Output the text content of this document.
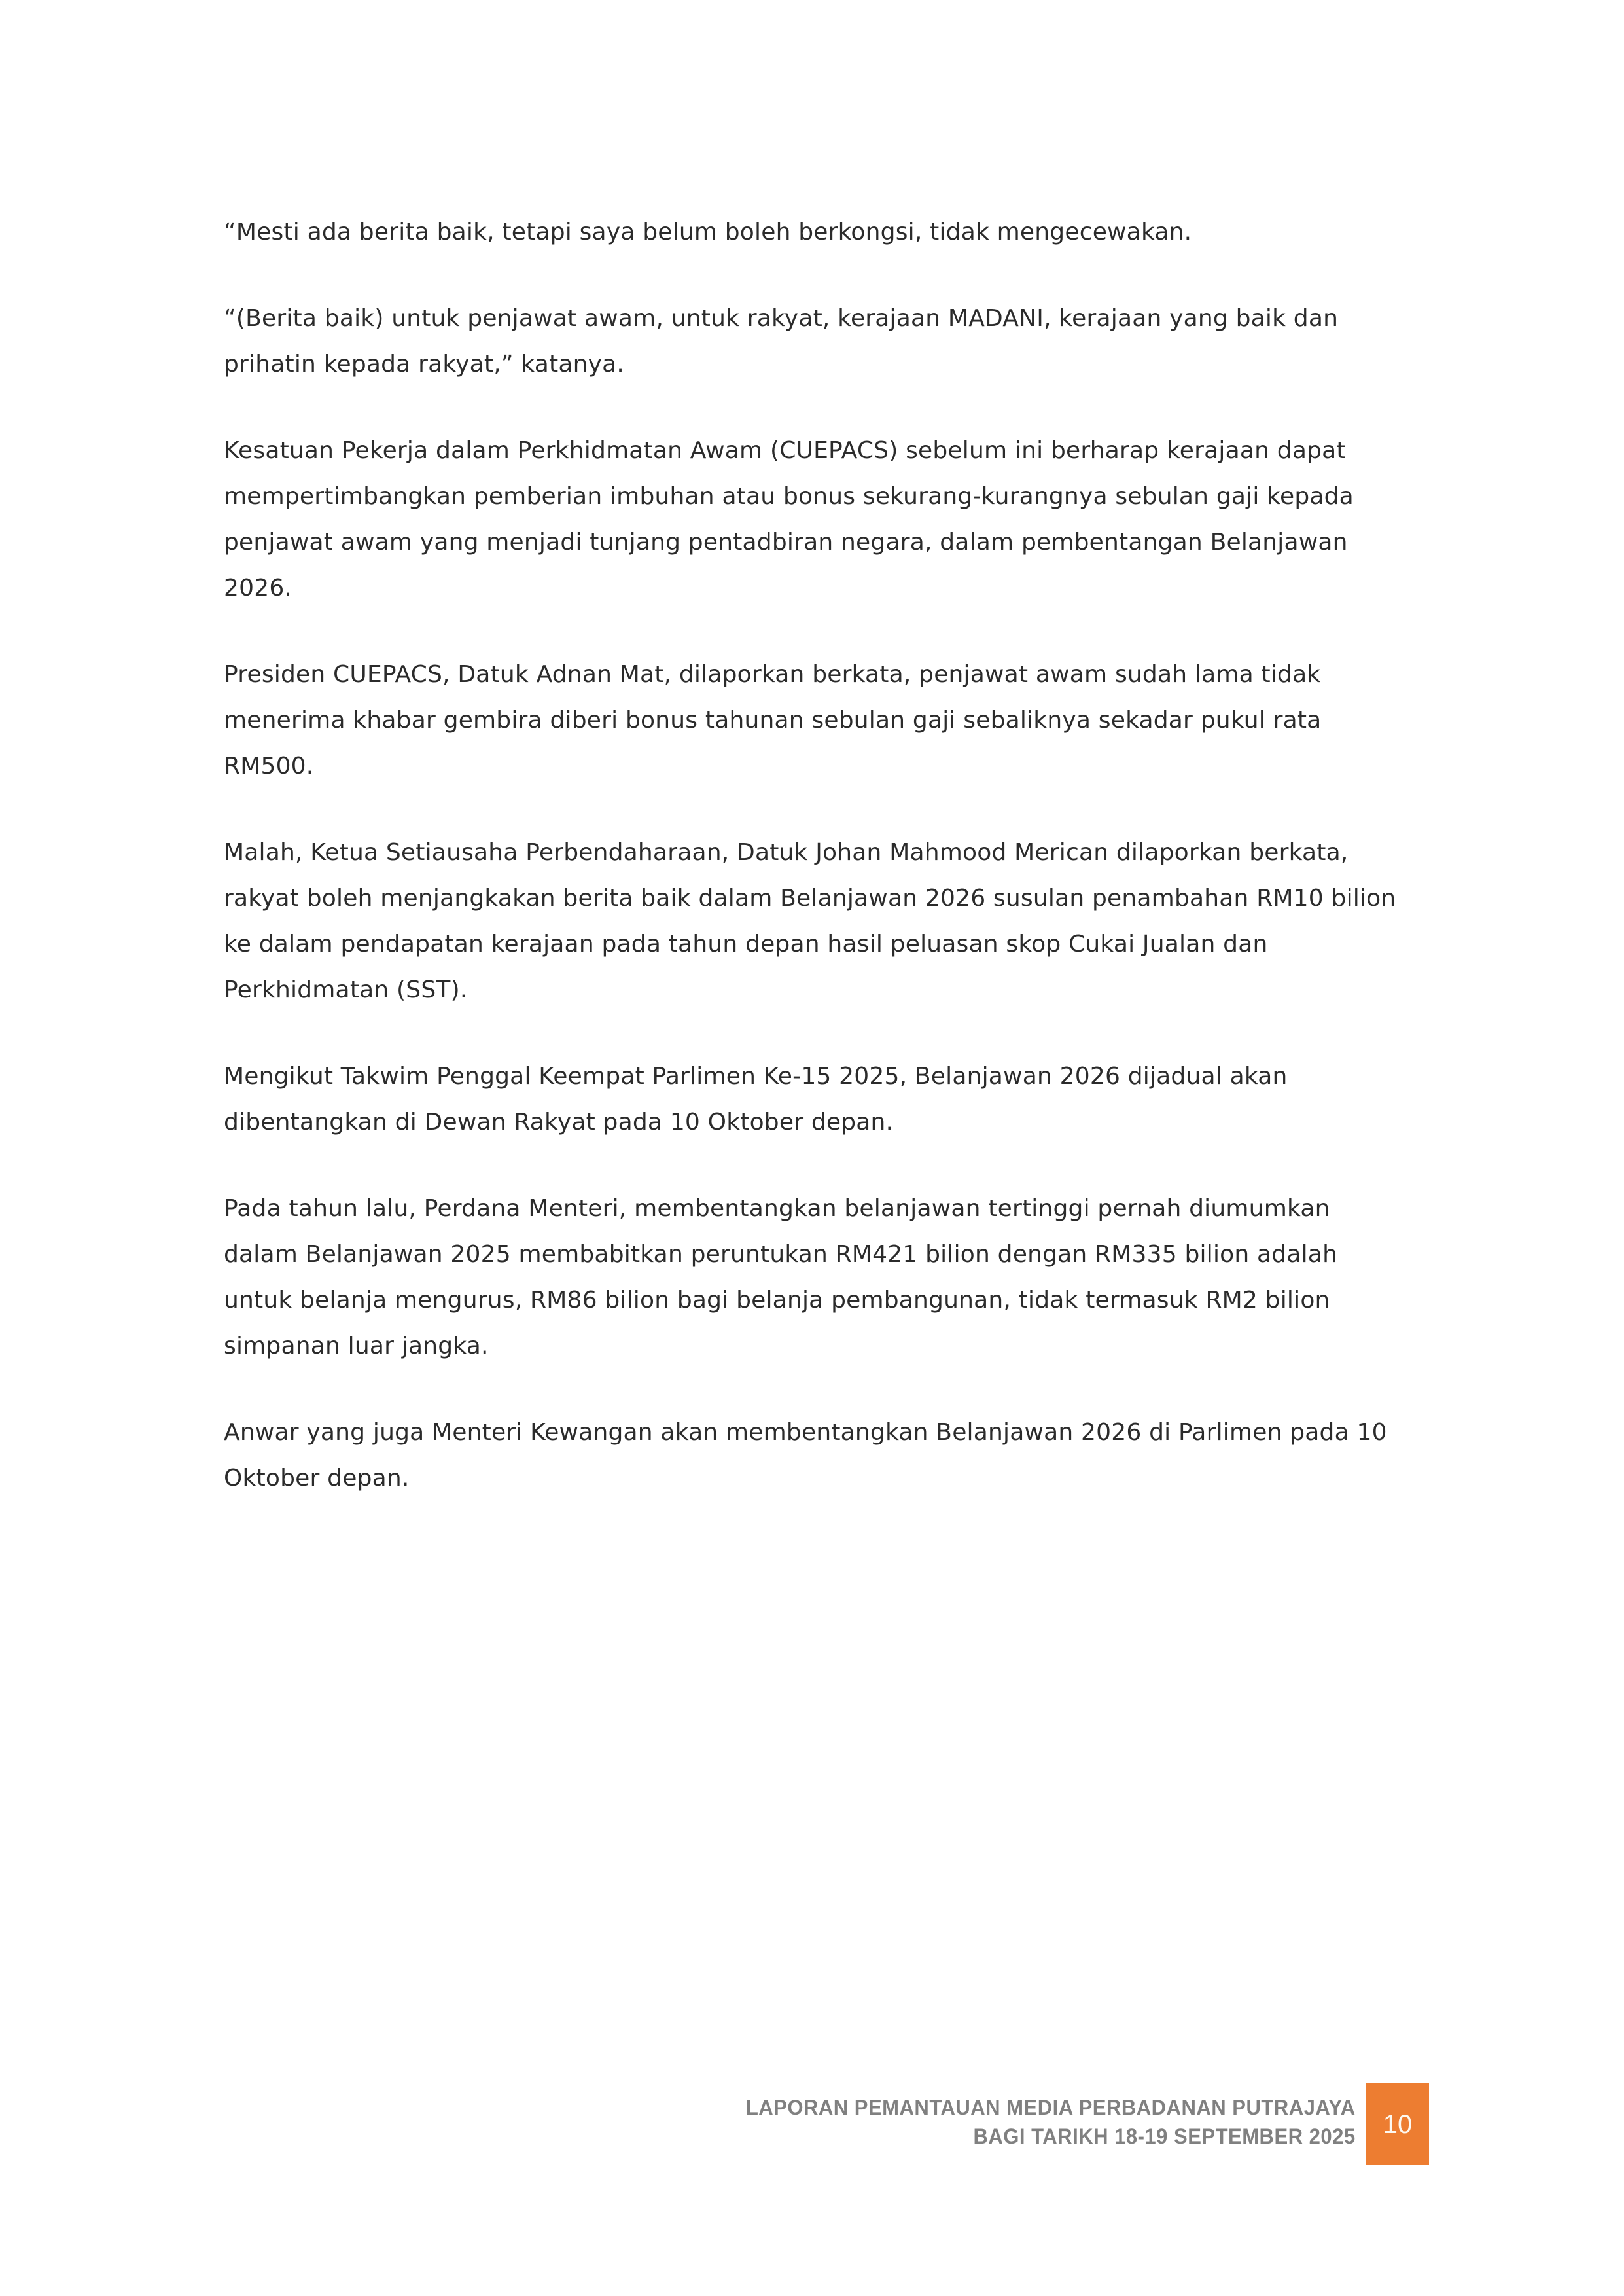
“Mesti ada berita baik, tetapi saya belum boleh berkongsi, tidak mengecewakan.

“(Berita baik) untuk penjawat awam, untuk rakyat, kerajaan MADANI, kerajaan yang baik dan prihatin kepada rakyat,” katanya.

Kesatuan Pekerja dalam Perkhidmatan Awam (CUEPACS) sebelum ini berharap kerajaan dapat mempertimbangkan pemberian imbuhan atau bonus sekurang-kurangnya sebulan gaji kepada penjawat awam yang menjadi tunjang pentadbiran negara, dalam pembentangan Belanjawan 2026.

Presiden CUEPACS, Datuk Adnan Mat, dilaporkan berkata, penjawat awam sudah lama tidak menerima khabar gembira diberi bonus tahunan sebulan gaji sebaliknya sekadar pukul rata RM500.

Malah, Ketua Setiausaha Perbendaharaan, Datuk Johan Mahmood Merican dilaporkan berkata, rakyat boleh menjangkakan berita baik dalam Belanjawan 2026 susulan penambahan RM10 bilion ke dalam pendapatan kerajaan pada tahun depan hasil peluasan skop Cukai Jualan dan Perkhidmatan (SST).

Mengikut Takwim Penggal Keempat Parlimen Ke-15 2025, Belanjawan 2026 dijadual akan dibentangkan di Dewan Rakyat pada 10 Oktober depan.

Pada tahun lalu, Perdana Menteri, membentangkan belanjawan tertinggi pernah diumumkan dalam Belanjawan 2025 membabitkan peruntukan RM421 bilion dengan RM335 bilion adalah untuk belanja mengurus, RM86 bilion bagi belanja pembangunan, tidak termasuk RM2 bilion simpanan luar jangka.

Anwar yang juga Menteri Kewangan akan membentangkan Belanjawan 2026 di Parlimen pada 10 Oktober depan.

LAPORAN PEMANTAUAN MEDIA PERBADANAN PUTRAJAYA
BAGI TARIKH 18-19 SEPTEMBER 2025 10
